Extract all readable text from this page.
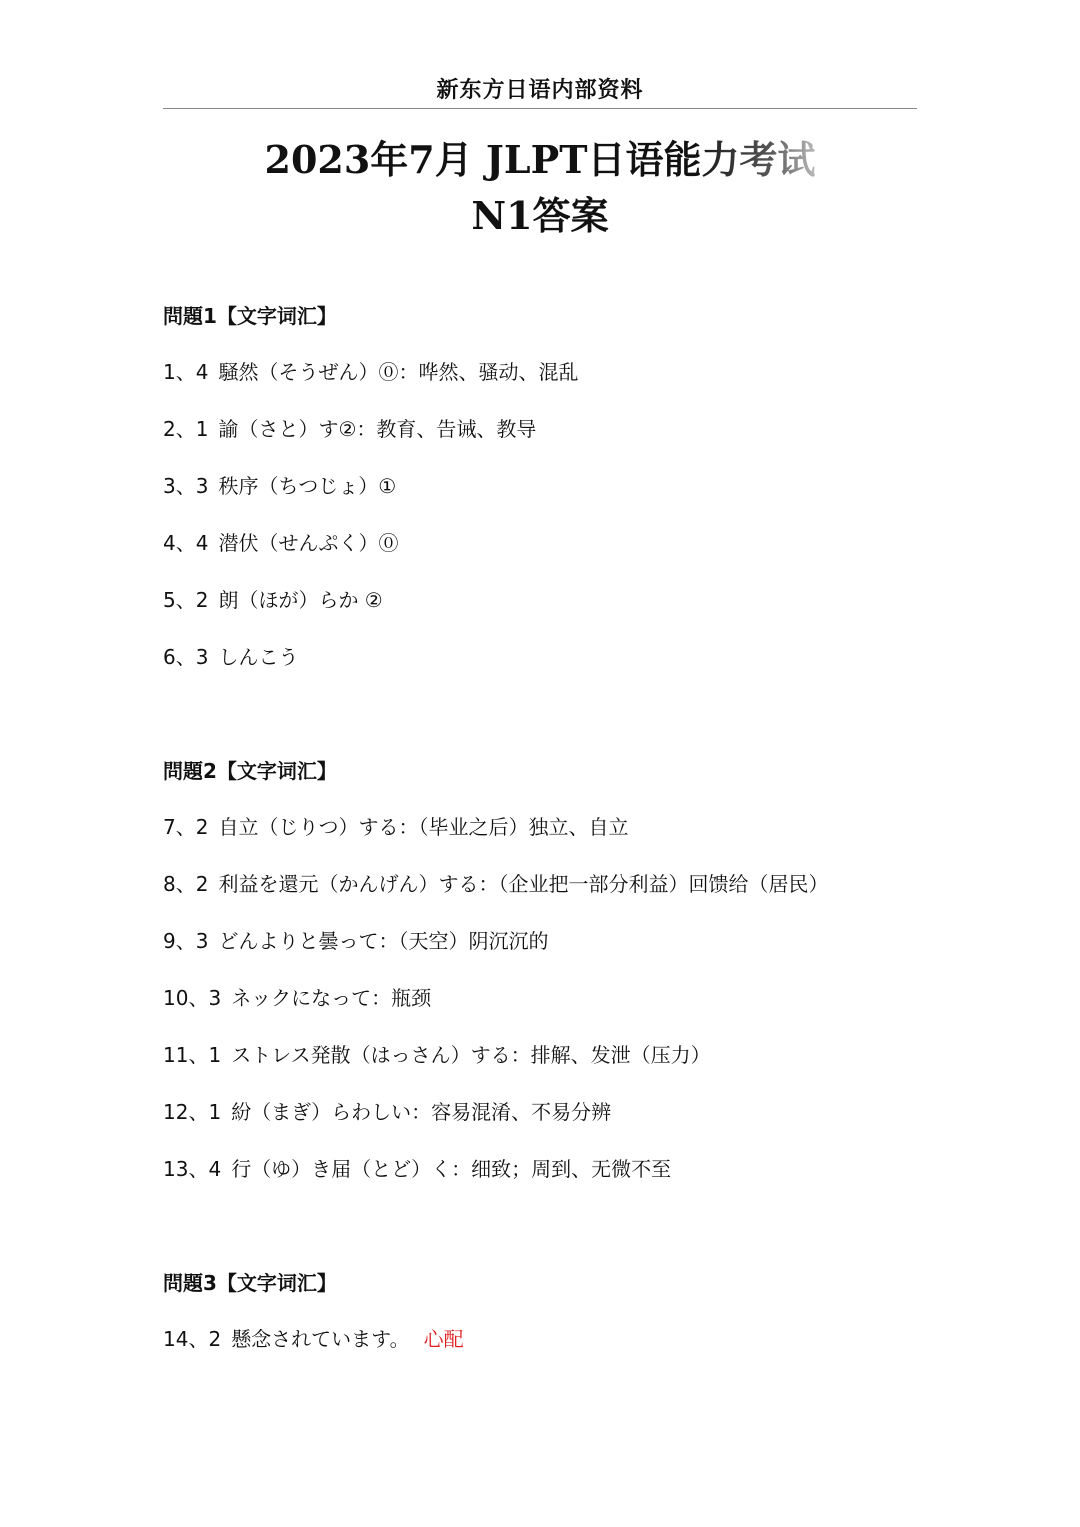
新东方日语内部资料
2023年7月 JLPT日语能力考试
N1答案
問題1【文字词汇】
1、4 騒然（そうぜん）⓪：哗然、骚动、混乱
2、1 諭（さと）す②：教育、告诫、教导
3、3 秩序（ちつじょ）①
4、4 潜伏（せんぷく）⓪
5、2 朗（ほが）らか ②
6、3 しんこう
問題2【文字词汇】
7、2 自立（じりつ）する：（毕业之后）独立、自立
8、2 利益を還元（かんげん）する：（企业把一部分利益）回馈给（居民）
9、3 どんよりと曇って：（天空）阴沉沉的
10、3 ネックになって：瓶颈
11、1 ストレス発散（はっさん）する：排解、发泄（压力）
12、1 紛（まぎ）らわしい：容易混淆、不易分辨
13、4 行（ゆ）き届（とど）く：细致；周到、无微不至
問題3【文字词汇】
14、2 懸念されています。 心配
